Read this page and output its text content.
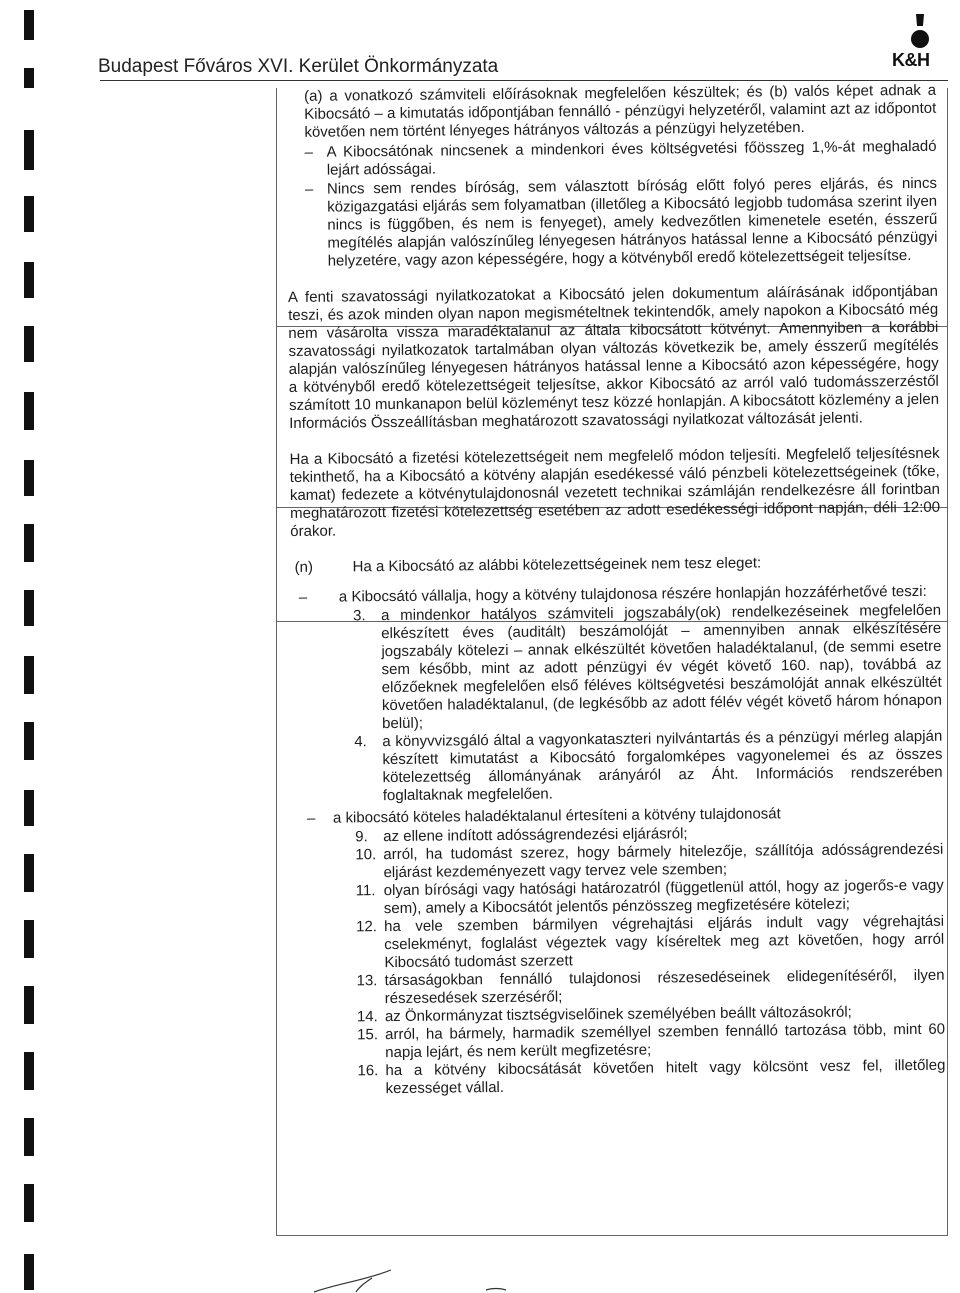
Budapest Főváros XVI. Kerület Önkormányzata	K&H
(a) a vonatkozó számviteli előírásoknak megfelelően készültek; és (b) valós képet adnak a Kibocsátó – a kimutatás időpontjában fennálló - pénzügyi helyzetéről, valamint azt az időpontot követően nem történt lényeges hátrányos változás a pénzügyi helyzetében.
– A Kibocsátónak nincsenek a mindenkori éves költségvetési főösszeg 1,%-át meghaladó lejárt adósságai.
– Nincs sem rendes bíróság, sem választott bíróság előtt folyó peres eljárás, és nincs közigazgatási eljárás sem folyamatban (illetőleg a Kibocsátó legjobb tudomása szerint ilyen nincs is függőben, és nem is fenyeget), amely kedvezőtlen kimenetele esetén, ésszerű megítélés alapján valószínűleg lényegesen hátrányos hatással lenne a Kibocsátó pénzügyi helyzetére, vagy azon képességére, hogy a kötvényből eredő kötelezettségeit teljesítse.
A fenti szavatossági nyilatkozatokat a Kibocsátó jelen dokumentum aláírásának időpontjában teszi, és azok minden olyan napon megismételtnek tekintendők, amely napokon a Kibocsátó még nem vásárolta vissza maradéktalanul az általa kibocsátott kötvényt. Amennyiben a korábbi szavatossági nyilatkozatok tartalmában olyan változás következik be, amely ésszerű megítélés alapján valószínűleg lényegesen hátrányos hatással lenne a Kibocsátó azon képességére, hogy a kötvényből eredő kötelezettségeit teljesítse, akkor Kibocsátó az arról való tudomásszerzéstől számított 10 munkanapon belül közleményt tesz közzé honlapján. A kibocsátott közlemény a jelen Információs Összeállításban meghatározott szavatossági nyilatkozat változását jelenti.
Ha a Kibocsátó a fizetési kötelezettségeit nem megfelelő módon teljesíti. Megfelelő teljesítésnek tekinthető, ha a Kibocsátó a kötvény alapján esedékessé váló pénzbeli kötelezettségeinek (tőke, kamat) fedezete a kötvénytulajdonosnál vezetett technikai számláján rendelkezésre áll forintban meghatározott fizetési kötelezettség esetében az adott esedékességi időpont napján, déli 12:00 órakor.
(n)	Ha a Kibocsátó az alábbi kötelezettségeinek nem tesz eleget:
– a Kibocsátó vállalja, hogy a kötvény tulajdonosa részére honlapján hozzáférhetővé teszi:
3. a mindenkor hatályos számviteli jogszabály(ok) rendelkezéseinek megfelelően elkészített éves (auditált) beszámolóját – amennyiben annak elkészítésére jogszabály kötelezi – annak elkészültét követően haladéktalanul, (de semmi esetre sem később, mint az adott pénzügyi év végét követő 160. nap), továbbá az előzőeknek megfelelően első féléves költségvetési beszámolóját annak elkészültét követően haladéktalanul, (de legkésőbb az adott félév végét követő három hónapon belül);
4. a könyvvizsgáló által a vagyonkataszteri nyilvántartás és a pénzügyi mérleg alapján készített kimutatást a Kibocsátó forgalomképes vagyonelemei és az összes kötelezettség állományának arányáról az Áht. Információs rendszerében foglaltaknak megfelelően.
– a kibocsátó köteles haladéktalanul értesíteni a kötvény tulajdonosát
9. az ellene indított adósságrendezési eljárásról;
10. arról, ha tudomást szerez, hogy bármely hitelezője, szállítója adósságrendezési eljárást kezdeményezett vagy tervez vele szemben;
11. olyan bírósági vagy hatósági határozatról (függetlenül attól, hogy az jogerős-e vagy sem), amely a Kibocsátót jelentős pénzösszeg megfizetésére kötelezi;
12. ha vele szemben bármilyen végrehajtási eljárás indult vagy végrehajtási cselekményt, foglalást végeztek vagy kíséreltek meg azt követően, hogy arról Kibocsátó tudomást szerzett
13. társaságokban fennálló tulajdonosi részesedéseinek elidegenítéséről, ilyen részesedések szerzéséről;
14. az Önkormányzat tisztségviselőinek személyében beállt változásokról;
15. arról, ha bármely, harmadik személlyel szemben fennálló tartozása több, mint 60 napja lejárt, és nem került megfizetésre;
16. ha a kötvény kibocsátását követően hitelt vagy kölcsönt vesz fel, illetőleg kezességet vállal.
